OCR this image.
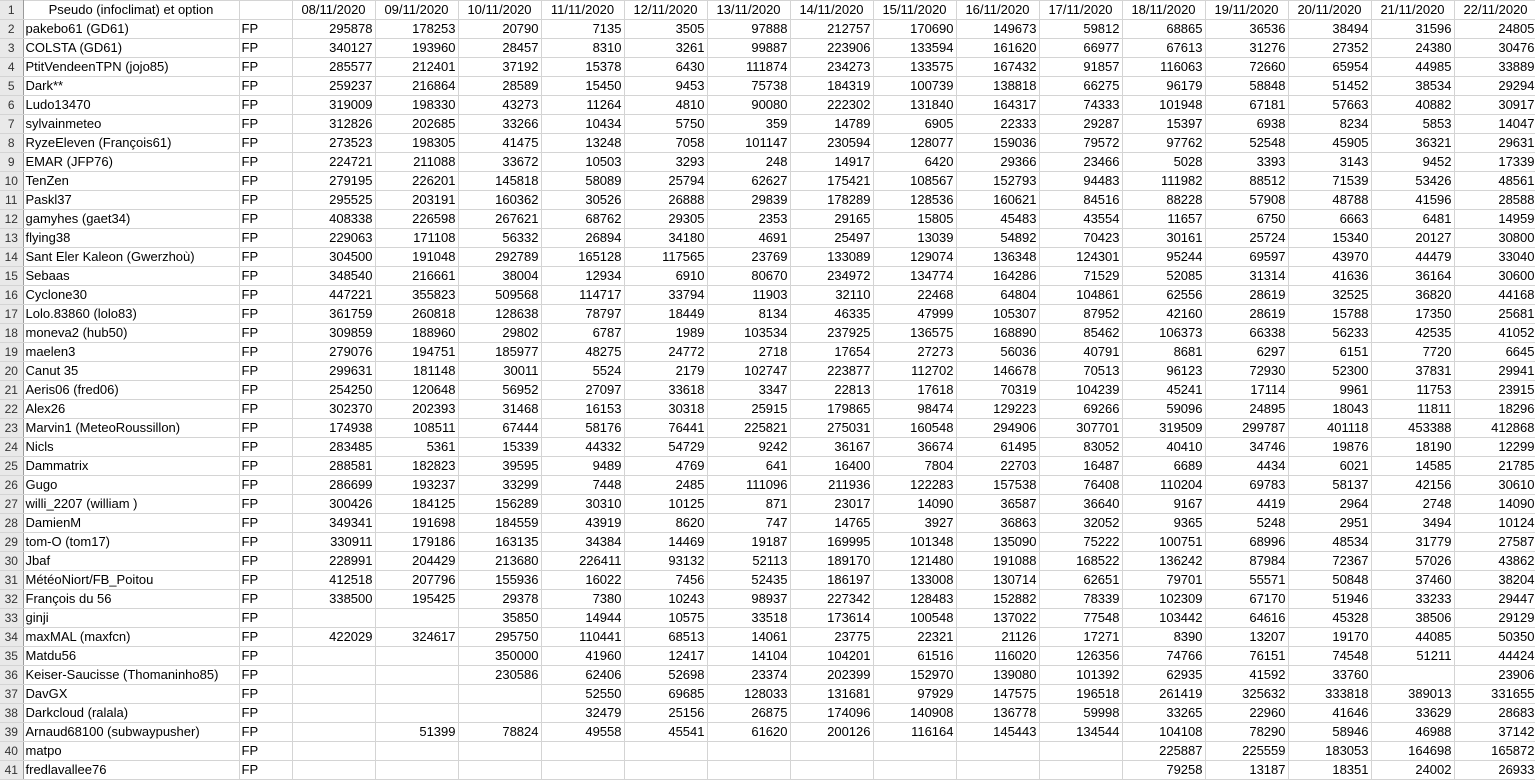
1	Pseudo (infoclimat) et option		08/11/2020	09/11/2020	10/11/2020	11/11/2020	12/11/2020	13/11/2020	14/11/2020	15/11/2020	16/11/2020	17/11/2020	18/11/2020	19/11/2020	20/11/2020	21/11/2020	22/11/2020
2	pakebo61 (GD61)	FP	295878	178253	20790	7135	3505	97888	212757	170690	149673	59812	68865	36536	38494	31596	24805
3	COLSTA (GD61)	FP	340127	193960	28457	8310	3261	99887	223906	133594	161620	66977	67613	31276	27352	24380	30476
4	PtitVendeenTPN (jojo85)	FP	285577	212401	37192	15378	6430	111874	234273	133575	167432	91857	116063	72660	65954	44985	33889
5	Dark**	FP	259237	216864	28589	15450	9453	75738	184319	100739	138818	66275	96179	58848	51452	38534	29294
6	Ludo13470	FP	319009	198330	43273	11264	4810	90080	222302	131840	164317	74333	101948	67181	57663	40882	30917
7	sylvainmeteo	FP	312826	202685	33266	10434	5750	359	14789	6905	22333	29287	15397	6938	8234	5853	14047
8	RyzeEleven (François61)	FP	273523	198305	41475	13248	7058	101147	230594	128077	159036	79572	97762	52548	45905	36321	29631
9	EMAR (JFP76)	FP	224721	211088	33672	10503	3293	248	14917	6420	29366	23466	5028	3393	3143	9452	17339
10	TenZen	FP	279195	226201	145818	58089	25794	62627	175421	108567	152793	94483	111982	88512	71539	53426	48561
11	Paskl37	FP	295525	203191	160362	30526	26888	29839	178289	128536	160621	84516	88228	57908	48788	41596	28588
12	gamyhes (gaet34)	FP	408338	226598	267621	68762	29305	2353	29165	15805	45483	43554	11657	6750	6663	6481	14959
13	flying38	FP	229063	171108	56332	26894	34180	4691	25497	13039	54892	70423	30161	25724	15340	20127	30800
14	Sant Eler Kaleon (Gwerzhoù)	FP	304500	191048	292789	165128	117565	23769	133089	129074	136348	124301	95244	69597	43970	44479	33040
15	Sebaas	FP	348540	216661	38004	12934	6910	80670	234972	134774	164286	71529	52085	31314	41636	36164	30600
16	Cyclone30	FP	447221	355823	509568	114717	33794	11903	32110	22468	64804	104861	62556	28619	32525	36820	44168
17	Lolo.83860 (lolo83)	FP	361759	260818	128638	78797	18449	8134	46335	47999	105307	87952	42160	28619	15788	17350	25681
18	moneva2 (hub50)	FP	309859	188960	29802	6787	1989	103534	237925	136575	168890	85462	106373	66338	56233	42535	41052
19	maelen3	FP	279076	194751	185977	48275	24772	2718	17654	27273	56036	40791	8681	6297	6151	7720	6645
20	Canut 35	FP	299631	181148	30011	5524	2179	102747	223877	112702	146678	70513	96123	72930	52300	37831	29941
21	Aeris06 (fred06)	FP	254250	120648	56952	27097	33618	3347	22813	17618	70319	104239	45241	17114	9961	11753	23915
22	Alex26	FP	302370	202393	31468	16153	30318	25915	179865	98474	129223	69266	59096	24895	18043	11811	18296
23	Marvin1 (MeteoRoussillon)	FP	174938	108511	67444	58176	76441	225821	275031	160548	294906	307701	319509	299787	401118	453388	412868
24	Nicls	FP	283485	5361	15339	44332	54729	9242	36167	36674	61495	83052	40410	34746	19876	18190	12299
25	Dammatrix	FP	288581	182823	39595	9489	4769	641	16400	7804	22703	16487	6689	4434	6021	14585	21785
26	Gugo	FP	286699	193237	33299	7448	2485	111096	211936	122283	157538	76408	110204	69783	58137	42156	30610
27	willi_2207 (william )	FP	300426	184125	156289	30310	10125	871	23017	14090	36587	36640	9167	4419	2964	2748	14090
28	DamienM	FP	349341	191698	184559	43919	8620	747	14765	3927	36863	32052	9365	5248	2951	3494	10124
29	tom-O (tom17)	FP	330911	179186	163135	34384	14469	19187	169995	101348	135090	75222	100751	68996	48534	31779	27587
30	Jbaf	FP	228991	204429	213680	226411	93132	52113	189170	121480	191088	168522	136242	87984	72367	57026	43862
31	MétéoNiort/FB_Poitou	FP	412518	207796	155936	16022	7456	52435	186197	133008	130714	62651	79701	55571	50848	37460	38204
32	François du 56	FP	338500	195425	29378	7380	10243	98937	227342	128483	152882	78339	102309	67170	51946	33233	29447
33	ginji	FP			35850	14944	10575	33518	173614	100548	137022	77548	103442	64616	45328	38506	29129
34	maxMAL (maxfcn)	FP	422029	324617	295750	110441	68513	14061	23775	22321	21126	17271	8390	13207	19170	44085	50350
35	Matdu56	FP			350000	41960	12417	14104	104201	61516	116020	126356	74766	76151	74548	51211	44424
36	Keiser-Saucisse (Thomaninho85)	FP			230586	62406	52698	23374	202399	152970	139080	101392	62935	41592	33760		23906
37	DavGX	FP				52550	69685	128033	131681	97929	147575	196518	261419	325632	333818	389013	331655
38	Darkcloud (ralala)	FP				32479	25156	26875	174096	140908	136778	59998	33265	22960	41646	33629	28683
39	Arnaud68100 (subwaypusher)	FP		51399	78824	49558	45541	61620	200126	116164	145443	134544	104108	78290	58946	46988	37142
40	matpo	FP											225887	225559	183053	164698	165872
41	fredlavallee76	FP											79258	13187	18351	24002	26933
